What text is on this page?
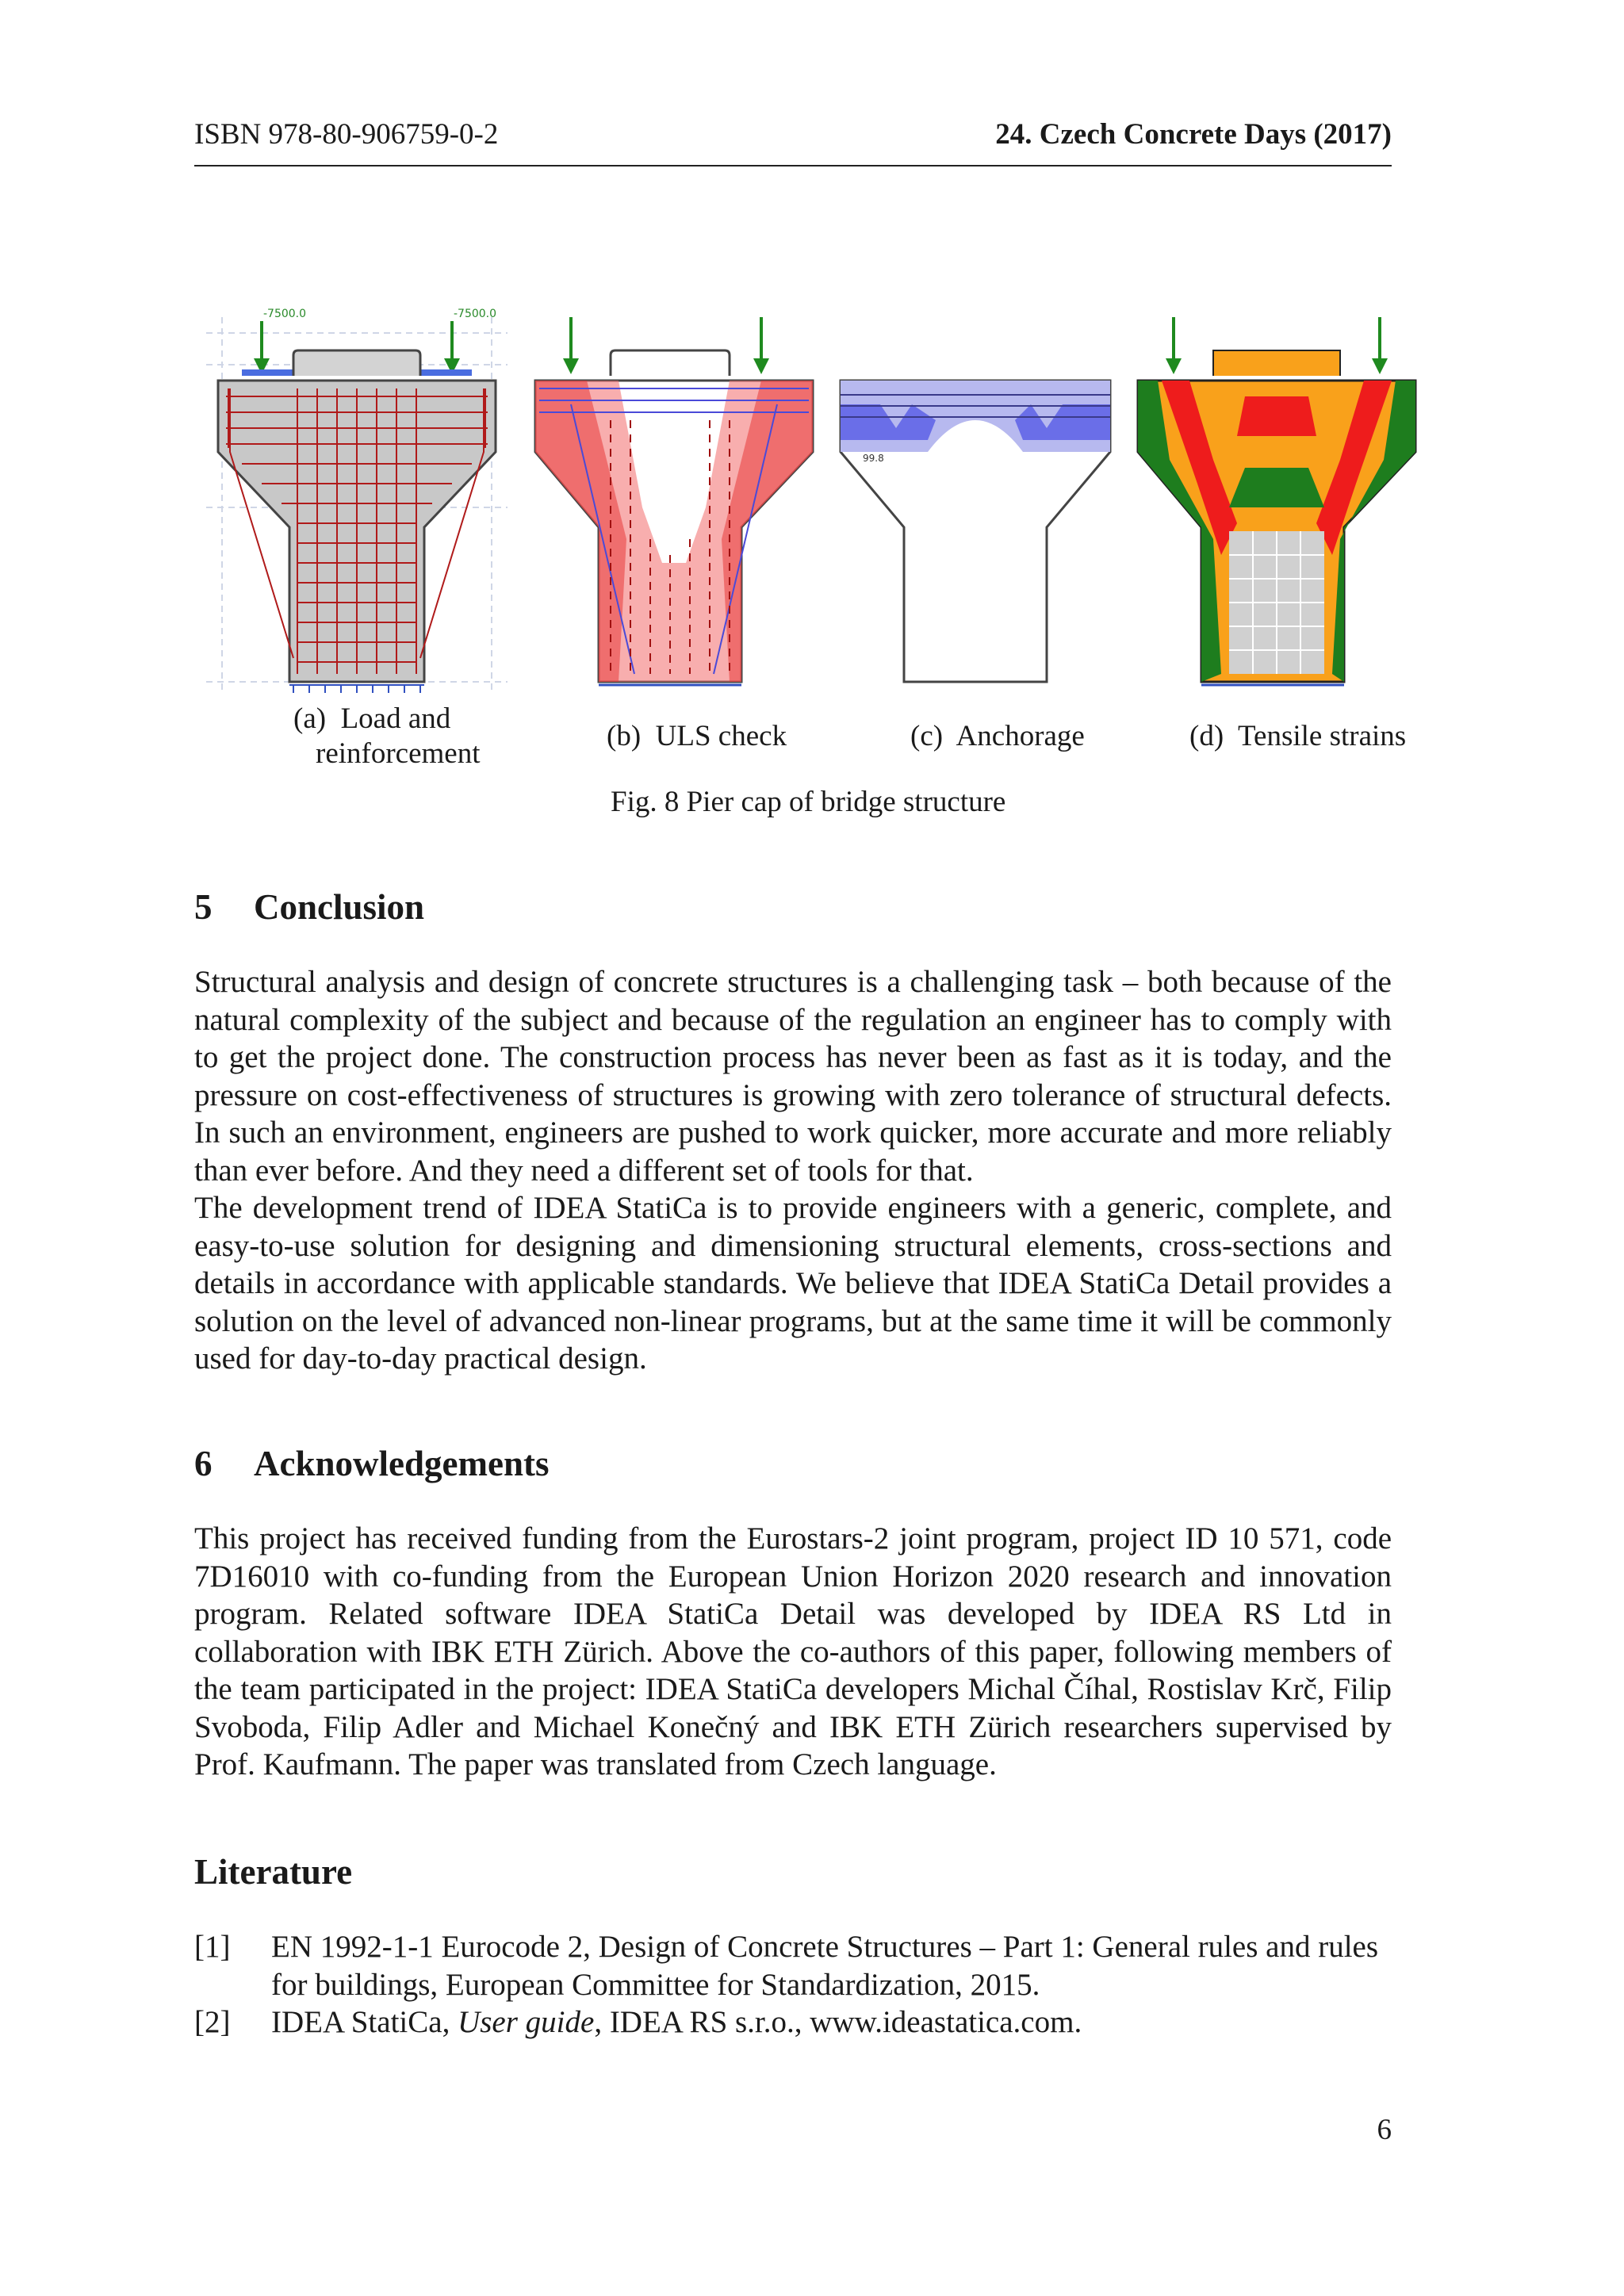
ISBN 978-80-906759-0-2	24. Czech Concrete Days (2017)
-7500.0	-7500.0
99.8
(a) Load and
reinforcement
(b) ULS check	(c) Anchorage	(d) Tensile strains
Fig. 8 Pier cap of bridge structure
5 Conclusion

Structural analysis and design of concrete structures is a challenging task – both because of the natural complexity of the subject and because of the regulation an engineer has to comply with to get the project done. The construction process has never been as fast as it is today, and the pressure on cost-effectiveness of structures is growing with zero tolerance of structural defects. In such an environment, engineers are pushed to work quicker, more accurate and more reliably than ever before. And they need a different set of tools for that.

The development trend of IDEA StatiCa is to provide engineers with a generic, complete, and easy-to-use solution for designing and dimensioning structural elements, cross-sections and details in accordance with applicable standards. We believe that IDEA StatiCa Detail provides a solution on the level of advanced non-linear programs, but at the same time it will be commonly used for day-to-day practical design.

6 Acknowledgements

This project has received funding from the Eurostars-2 joint program, project ID 10 571, code 7D16010 with co-funding from the European Union Horizon 2020 research and innovation program. Related software IDEA StatiCa Detail was developed by IDEA RS Ltd in collaboration with IBK ETH Zürich. Above the co-authors of this paper, following members of the team participated in the project: IDEA StatiCa developers Michal Číhal, Rostislav Krč, Filip Svoboda, Filip Adler and Michael Konečný and IBK ETH Zürich researchers supervised by Prof. Kaufmann. The paper was translated from Czech language.

Literature
[1] EN 1992-1-1 Eurocode 2, Design of Concrete Structures – Part 1: General rules and rules for buildings, European Committee for Standardization, 2015.
[2] IDEA StatiCa, User guide, IDEA RS s.r.o., www.ideastatica.com.
6
